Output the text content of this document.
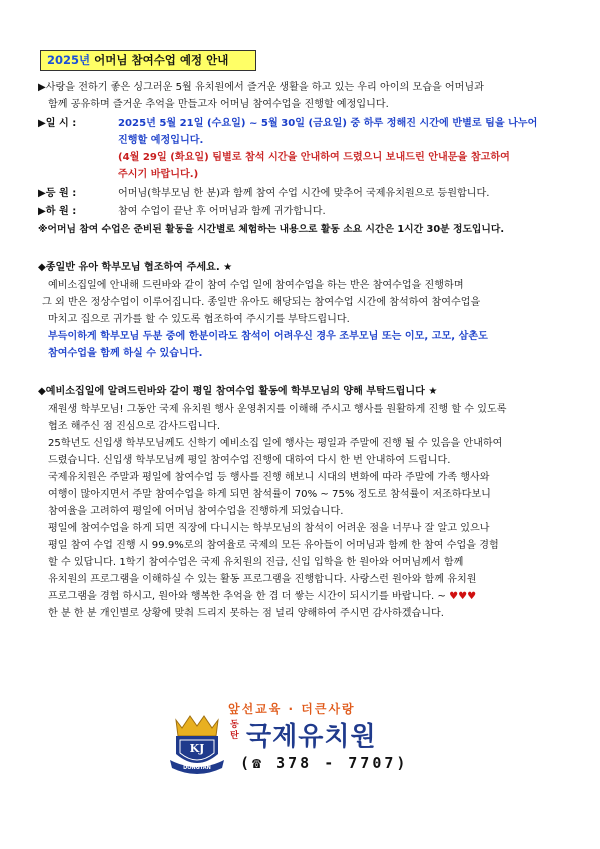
2025년 어머님 참여수업 예정 안내
▶사랑을 전하기 좋은 싱그러운 5월 유치원에서 즐거운 생활을 하고 있는 우리 아이의 모습을 어머님과
함께 공유하며 즐거운 추억을 만들고자 어머님 참여수업을 진행할 예정입니다.
▶일 시 :	2025년 5월 21일 (수요일) ~ 5월 30일 (금요일) 중 하루 정해진 시간에 반별로 팀을 나누어
진행할 예정입니다.
(4월 29일 (화요일) 팀별로 참석 시간을 안내하여 드렸으니 보내드린 안내문을 참고하여
주시기 바랍니다.)
▶등 원 :	어머님(학부모님 한 분)과 함께 참여 수업 시간에 맞추어 국제유치원으로 등원합니다.
▶하 원 :	참여 수업이 끝난 후 어머님과 함께 귀가합니다.
※어머님 참여 수업은 준비된 활동을 시간별로 체험하는 내용으로 활동 소요 시간은 1시간 30분 정도입니다.
◆종일반 유아 학부모님 협조하여 주세요. ★
예비소집일에 안내해 드린바와 같이 참여 수업 일에 참여수업을 하는 반은 참여수업을 진행하며
그 외 반은 정상수업이 이루어집니다. 종일반 유아도 해당되는 참여수업 시간에 참석하여 참여수업을
마치고 집으로 귀가를 할 수 있도록 협조하여 주시기를 부탁드립니다.
부득이하게 학부모님 두분 중에 한분이라도 참석이 어려우신 경우 조부모님 또는 이모, 고모, 삼촌도
참여수업을 함께 하실 수 있습니다.
◆예비소집일에 알려드린바와 같이 평일 참여수업 활동에 학부모님의 양해 부탁드립니다 ★
재원생 학부모님! 그동안 국제 유치원 행사 운영취지를 이해해 주시고 행사를 원활하게 진행 할 수 있도록
협조 해주신 점 진심으로 감사드립니다.
25학년도 신입생 학부모님께도 신학기 예비소집 일에 행사는 평일과 주말에 진행 될 수 있음을 안내하여
드렸습니다. 신입생 학부모님께 평일 참여수업 진행에 대하여 다시 한 번 안내하여 드립니다.
국제유치원은 주말과 평일에 참여수업 등 행사를 진행 해보니 시대의 변화에 따라 주말에 가족 행사와
여행이 많아지면서 주말 참여수업을 하게 되면 참석률이 70% ~ 75% 정도로 참석률이 저조하다보니
참여율을 고려하여 평일에 어머님 참여수업을 진행하게 되었습니다.
평일에 참여수업을 하게 되면 직장에 다니시는 학부모님의 참석이 어려운 점을 너무나 잘 알고 있으나
평일 참여 수업 진행 시 99.9%로의 참여율로 국제의 모든 유아들이 어머님과 함께 한 참여 수업을 경험
할 수 있답니다. 1학기 참여수업은 국제 유치원의 진급, 신입 입학을 한 원아와 어머님께서 함께
유치원의 프로그램을 이해하실 수 있는 활동 프로그램을 진행합니다. 사랑스런 원아와 함께 유치원
프로그램을 경험 하시고, 원아와 행복한 추억을 한 겹 더 쌓는 시간이 되시기를 바랍니다. ~ ♥♥♥
한 분 한 분 개인별로 상황에 맞춰 드리지 못하는 점 널리 양해하여 주시면 감사하겠습니다.
KJ
DONGTAN
앞선교육 · 더큰사랑
동탄 국제유치원
(☎ 378 - 7707)
